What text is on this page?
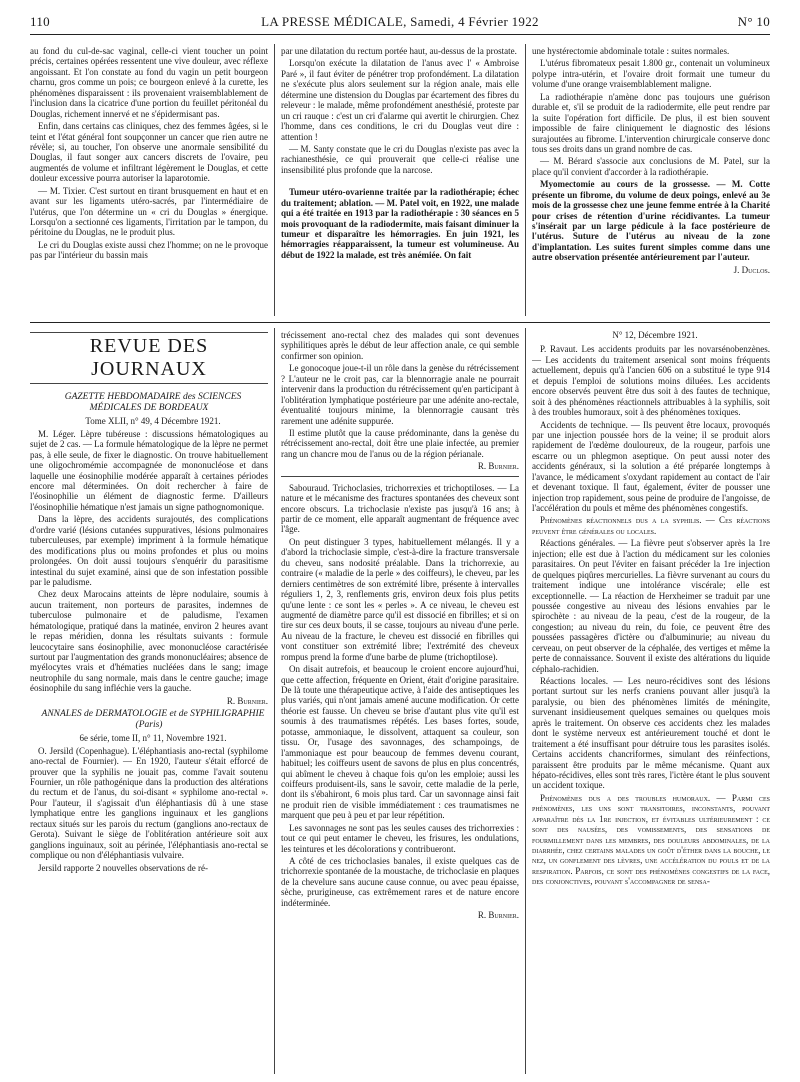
110	LA PRESSE MÉDICALE, Samedi, 4 Février 1922	N° 10

au fond du cul-de-sac vaginal, celle-ci vient toucher un point précis, certaines opérées ressentent une vive douleur, avec réflexe angoissant. Et l'on constate au fond du vagin un petit bourgeon charnu, gros comme un pois; ce bourgeon enlevé à la curette, les phénomènes disparaissent : ils provenaient vraisemblablement de l'inclusion dans la cicatrice d'une portion du feuillet péritonéal du Douglas, richement innervé et ne s'épidermisant pas.

Enfin, dans certains cas cliniques, chez des femmes âgées, si le teint et l'état général font soupçonner un cancer que rien autre ne révèle; si, au toucher, l'on observe une anormale sensibilité du Douglas, il faut songer aux cancers discrets de l'ovaire, peu augmentés de volume et infiltrant légèrement le Douglas, et cette douleur excessive pourra autoriser la laparotomie.

— M. Tixier. C'est surtout en tirant brusquement en haut et en avant sur les ligaments utéro-sacrés, par l'intermédiaire de l'utérus, que l'on détermine un « cri du Douglas » énergique. Lorsqu'on a sectionné ces ligaments, l'irritation par le tampon, du péritoine du Douglas, ne le produit plus.

Le cri du Douglas existe aussi chez l'homme; on ne le provoque pas par l'intérieur du bassin mais

par une dilatation du rectum portée haut, au-dessus de la prostate.

Lorsqu'on exécute la dilatation de l'anus avec l' « Ambroise Paré », il faut éviter de pénétrer trop profondément. La dilatation ne s'exécute plus alors seulement sur la région anale, mais elle détermine une distension du Douglas par écartement des fibres du releveur : le malade, même profondément anesthésié, proteste par un cri rauque : c'est un cri d'alarme qui avertit le chirurgien. Chez l'homme, dans ces conditions, le cri du Douglas veut dire : attention !

— M. Santy constate que le cri du Douglas n'existe pas avec la rachianesthésie, ce qui prouverait que celle-ci réalise une insensibilité plus profonde que la narcose.

Tumeur utéro-ovarienne traitée par la radiothérapie; échec du traitement; ablation. — M. Patel voit, en 1922, une malade qui a été traitée en 1913 par la radiothérapie : 30 séances en 5 mois provoquant de la radiodermite, mais faisant diminuer la tumeur et disparaître les hémorragies. En juin 1921, les hémorragies réapparaissent, la tumeur est volumineuse. Au début de 1922 la malade, est très anémiée. On fait

une hystérectomie abdominale totale : suites normales.

L'utérus fibromateux pesait 1.800 gr., contenait un volumineux polype intra-utérin, et l'ovaire droit formait une tumeur du volume d'une orange vraisemblablement maligne.

La radiothérapie n'amène donc pas toujours une guérison durable et, s'il se produit de la radiodermite, elle peut rendre par la suite l'opération fort difficile. De plus, il est bien souvent impossible de faire cliniquement le diagnostic des lésions surajoutées au fibrome. L'intervention chirurgicale conserve donc tous ses droits dans un grand nombre de cas.

— M. Bérard s'associe aux conclusions de M. Patel, sur la place qu'il convient d'accorder à la radiothérapie.

Myomectomie au cours de la grossesse. — M. Cotte présente un fibrome, du volume de deux poings, enlevé au 3e mois de la grossesse chez une jeune femme entrée à la Charité pour crises de rétention d'urine récidivantes. La tumeur s'insérait par un large pédicule à la face postérieure de l'utérus. Suture de l'utérus au niveau de la zone d'implantation. Les suites furent simples comme dans une autre observation présentée antérieurement par l'auteur.

J. Duclos.
REVUE DES JOURNAUX

GAZETTE HEBDOMADAIRE des SCIENCES MÉDICALES DE BORDEAUX

Tome XLII, n° 49, 4 Décembre 1921.

M. Léger. Lèpre tubéreuse : discussions hématologiques au sujet de 2 cas. — La formule hématologique de la lèpre ne permet pas, à elle seule, de fixer le diagnostic. On trouve habituellement une oligochromémie accompagnée de mononucléose et dans laquelle une éosinophilie modérée apparaît à certaines périodes encore mal déterminées. On doit rechercher à faire de l'éosinophilie un élément de diagnostic ferme. D'ailleurs l'éosinophilie hématique n'est jamais un signe pathognomonique.

Dans la lèpre, des accidents surajoutés, des complications d'ordre varié (lésions cutanées suppuratives, lésions pulmonaires tuberculeuses, par exemple) impriment à la formule hématique des modifications plus ou moins profondes et plus ou moins prolongées. On doit aussi toujours s'enquérir du parasitisme intestinal du sujet examiné, ainsi que de son infestation possible par le paludisme.

Chez deux Marocains atteints de lèpre nodulaire, soumis à aucun traitement, non porteurs de parasites, indemnes de tuberculose pulmonaire et de paludisme, l'examen hématologique, pratiqué dans la matinée, environ 2 heures avant le repas méridien, donna les résultats suivants : formule leucocytaire sans éosinophilie, avec mononucléose caractérisée surtout par l'augmentation des grands mononucléaires; absence de myélocytes vrais et d'hématies nucléées dans le sang; image neutrophile du sang normale, mais dans le centre gauche; image éosinophile du sang infléchie vers la gauche.

R. Burnier.

ANNALES de DERMATOLOGIE et de SYPHILIGRAPHIE (Paris)

6e série, tome II, n° 11, Novembre 1921.

O. Jersild (Copenhague). L'éléphantiasis ano-rectal (syphilome ano-rectal de Fournier). — En 1920, l'auteur s'était efforcé de prouver que la syphilis ne jouait pas, comme l'avait soutenu Fournier, un rôle pathogénique dans la production des altérations du rectum et de l'anus, du soi-disant « syphilome ano-rectal ». Pour l'auteur, il s'agissait d'un éléphantiasis dû à une stase lymphatique entre les ganglions inguinaux et les ganglions rectaux situés sur les parois du rectum (ganglions ano-rectaux de Gerota). Suivant le siège de l'oblitération antérieure soit aux ganglions inguinaux, soit au périnée, l'éléphantiasis ano-rectal se complique ou non d'éléphantiasis vulvaire.

Jersild rapporte 2 nouvelles observations de ré-

trécissement ano-rectal chez des malades qui sont devenues syphilitiques après le début de leur affection anale, ce qui semble confirmer son opinion.

Le gonocoque joue-t-il un rôle dans la genèse du rétrécissement ? L'auteur ne le croit pas, car la blennorragie anale ne pourrait intervenir dans la production du rétrécissement qu'en participant à l'oblitération lymphatique postérieure par une adénite ano-rectale, éventualité toujours minime, la blennorragie causant très rarement une adénite suppurée.

Il estime plutôt que la cause prédominante, dans la genèse du rétrécissement ano-rectal, doit être une plaie infectée, au premier rang un chancre mou de l'anus ou de la région périanale.

R. Burnier.

Sabouraud. Trichoclasies, trichorrexies et trichoptiloses. — La nature et le mécanisme des fractures spontanées des cheveux sont encore obscurs. La trichoclasie n'existe pas jusqu'à 16 ans; à partir de ce moment, elle apparaît augmentant de fréquence avec l'âge.

On peut distinguer 3 types, habituellement mélangés. Il y a d'abord la trichoclasie simple, c'est-à-dire la fracture transversale du cheveu, sans nodosité préalable. Dans la trichorrexie, au contraire (« maladie de la perle » des coiffeurs), le cheveu, par les derniers centimètres de son extrémité libre, présente à intervalles réguliers 1, 2, 3, renflements gris, environ deux fois plus petits qu'une lente : ce sont les « perles ». A ce niveau, le cheveu est augmenté de diamètre parce qu'il est dissocié en fibrilles; et si on tire sur ces deux bouts, il se casse, toujours au niveau d'une perle. Au niveau de la fracture, le cheveu est dissocié en fibrilles qui vont constituer son extrémité libre; l'extrémité des cheveux rompus prend la forme d'une barbe de plume (trichoptilose).

On disait autrefois, et beaucoup le croient encore aujourd'hui, que cette affection, fréquente en Orient, était d'origine parasitaire. De là toute une thérapeutique active, à l'aide des antiseptiques les plus variés, qui n'ont jamais amené aucune modification. Or cette théorie est fausse. Un cheveu se brise d'autant plus vite qu'il est soumis à des traumatismes répétés. Les bases fortes, soude, potasse, ammoniaque, le dissolvent, attaquent sa couleur, son tissu. Or, l'usage des savonnages, des schampoings, de l'ammoniaque est pour beaucoup de femmes devenu courant, habituel; les coiffeurs usent de savons de plus en plus concentrés, qui abîment le cheveu à chaque fois qu'on les emploie; aussi les coiffeurs produisent-ils, sans le savoir, cette maladie de la perle, dont ils s'ébahiront, 6 mois plus tard. Car un savonnage ainsi fait ne produit rien de visible immédiatement : ces traumatismes ne marquent que peu à peu et par leur répétition.

Les savonnages ne sont pas les seules causes des trichorrexies : tout ce qui peut entamer le cheveu, les frisures, les ondulations, les teintures et les décolorations y contribueront.

A côté de ces trichoclasies banales, il existe quelques cas de trichorrexie spontanée de la moustache, de trichoclasie en plaques de la chevelure sans aucune cause connue, ou avec peau épaisse, sèche, prurigineuse, cas extrêmement rares et de nature encore indéterminée.

R. Burnier.

N° 12, Décembre 1921.

P. Ravaut. Les accidents produits par les novarsénobenzènes. — Les accidents du traitement arsenical sont moins fréquents actuellement, depuis qu'à l'ancien 606 on a substitué le type 914 et depuis l'emploi de solutions moins diluées. Les accidents encore observés peuvent être dus soit à des fautes de technique, soit à des phénomènes réactionnels attribuables à la syphilis, soit à des troubles humoraux, soit à des phénomènes toxiques.

Accidents de technique. — Ils peuvent être locaux, provoqués par une injection poussée hors de la veine; il se produit alors rapidement de l'œdème douloureux, de la rougeur, parfois une escarre ou un phlegmon aseptique. On peut aussi noter des accidents généraux, si la solution a été préparée longtemps à l'avance, le médicament s'oxydant rapidement au contact de l'air et devenant toxique. Il faut, également, éviter de pousser une injection trop rapidement, sous peine de produire de l'angoisse, de l'accélération du pouls et même des phénomènes congestifs.

Phénomènes réactionnels dus a la syphilis. — Ces réactions peuvent être générales ou locales.

Réactions générales. — La fièvre peut s'observer après la 1re injection; elle est due à l'action du médicament sur les colonies parasitaires. On peut l'éviter en faisant précéder la 1re injection de quelques piqûres mercurielles. La fièvre survenant au cours du traitement indique une intolérance viscérale; elle est exceptionnelle. — La réaction de Herxheimer se traduit par une poussée congestive au niveau des lésions envahies par le spirochète : au niveau de la peau, c'est de la rougeur, de la congestion; au niveau du rein, du foie, ce peuvent être des poussées passagères d'ictère ou d'albuminurie; au niveau du cerveau, on peut observer de la céphalée, des vertiges et même la perte de connaissance. Souvent il existe des altérations du liquide céphalo-rachidien.

Réactions locales. — Les neuro-récidives sont des lésions portant surtout sur les nerfs craniens pouvant aller jusqu'à la paralysie, ou bien des phénomènes limités de méningite, survenant insidieusement quelques semaines ou quelques mois après le traitement. On observe ces accidents chez les malades dont le système nerveux est antérieurement touché et dont le traitement a été insuffisant pour détruire tous les parasites isolés. Certains accidents chancriformes, simulant des réinfections, paraissent être produits par le même mécanisme. Quant aux hépato-récidives, elles sont très rares, l'ictère étant le plus souvent un accident toxique.

Phénomènes dus a des troubles humoraux. — Parmi ces phénomènes, les uns sont transitoires, inconstants, pouvant apparaître dès la 1re injection, et évitables ultérieurement : ce sont des nausées, des vomissements, des sensations de fourmillement dans les membres, des douleurs abdominales, de la diarrhée, chez certains malades un goût d'éther dans la bouche, le nez, un gonflement des lèvres, une accélération du pouls et de la respiration. Parfois, ce sont des phénomènes congestifs de la face, des conjonctives, pouvant s'accompagner de sensa-
